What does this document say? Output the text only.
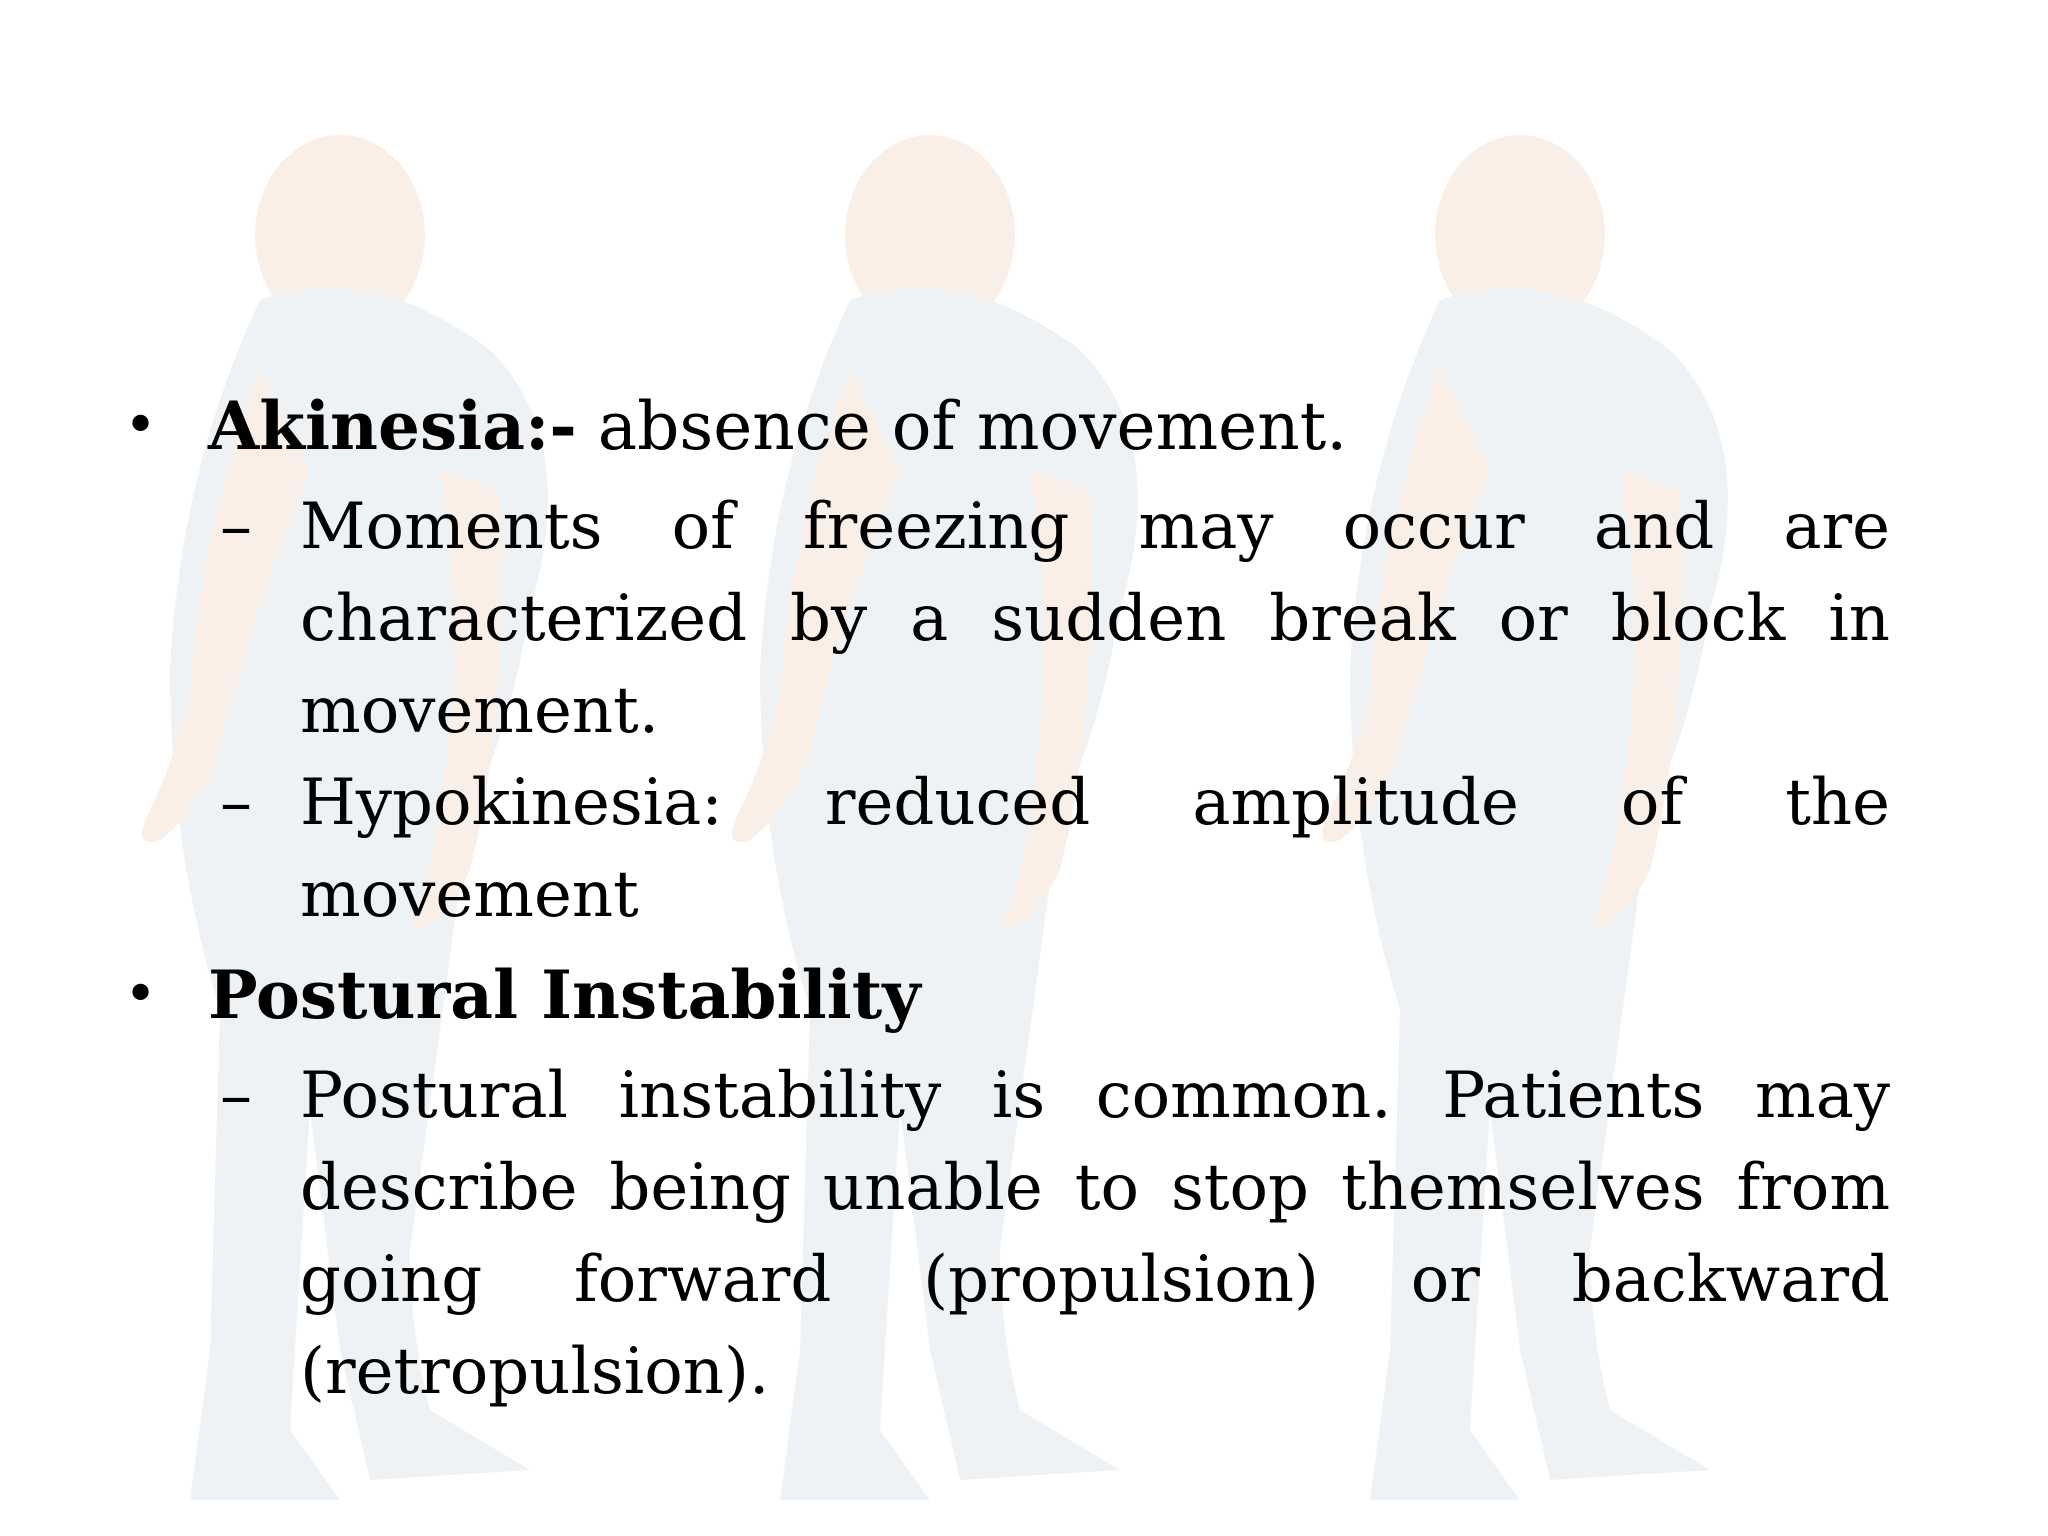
• Akinesia:- absence of movement.
– Moments of freezing may occur and are characterized by a sudden break or block in movement.
– Hypokinesia: reduced amplitude of the movement
• Postural Instability
– Postural instability is common. Patients may describe being unable to stop themselves from going forward (propulsion) or backward (retropulsion).
